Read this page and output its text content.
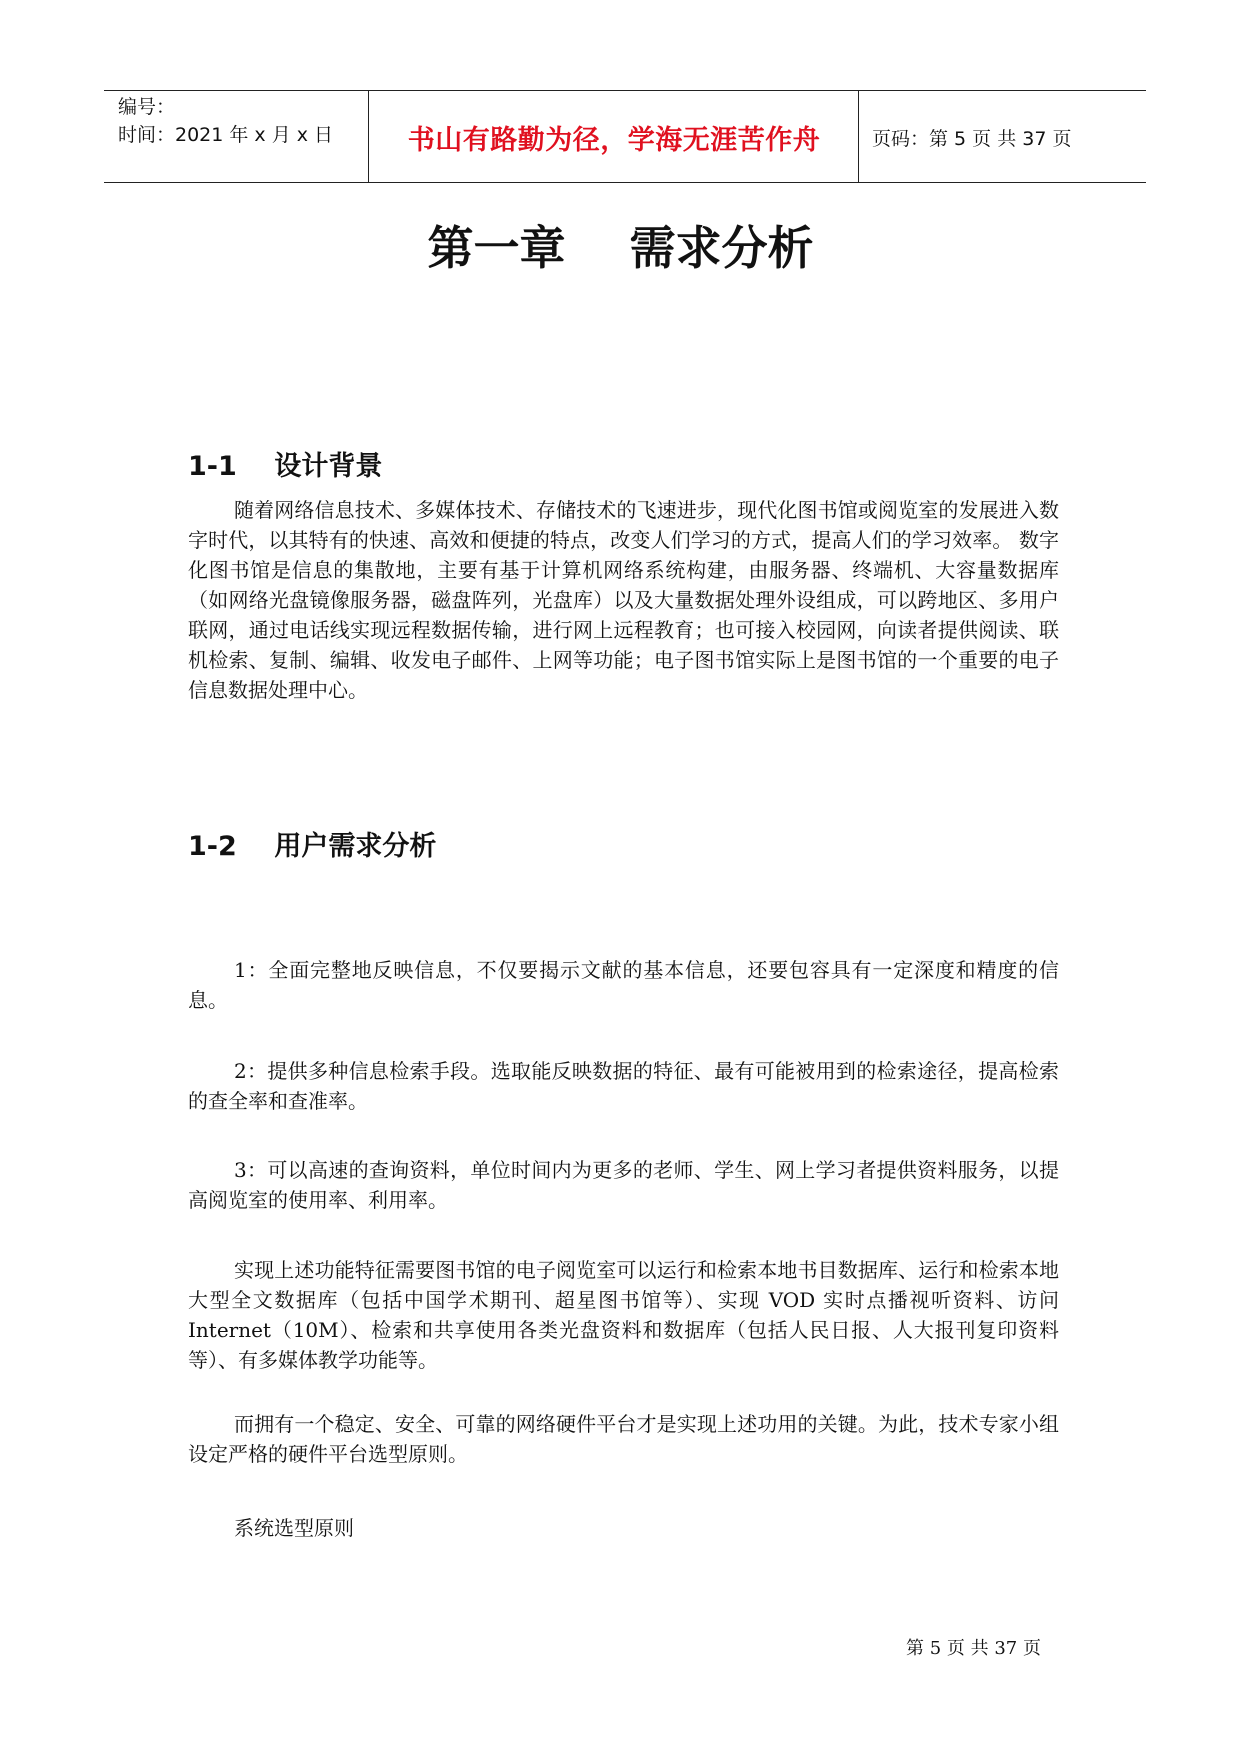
编号：
时间：2021 年 x 月 x 日	书山有路勤为径，学海无涯苦作舟	页码：第 5 页 共 37 页
第一章    需求分析
1-1    设计背景
随着网络信息技术、多媒体技术、存储技术的飞速进步，现代化图书馆或阅览室的发展进入数字时代，以其特有的快速、高效和便捷的特点，改变人们学习的方式，提高人们的学习效率。 数字化图书馆是信息的集散地，主要有基于计算机网络系统构建，由服务器、终端机、大容量数据库（如网络光盘镜像服务器，磁盘阵列，光盘库）以及大量数据处理外设组成，可以跨地区、多用户联网，通过电话线实现远程数据传输，进行网上远程教育；也可接入校园网，向读者提供阅读、联机检索、复制、编辑、收发电子邮件、上网等功能；电子图书馆实际上是图书馆的一个重要的电子信息数据处理中心。
1-2    用户需求分析
1：全面完整地反映信息，不仅要揭示文献的基本信息，还要包容具有一定深度和精度的信息。
2：提供多种信息检索手段。选取能反映数据的特征、最有可能被用到的检索途径，提高检索的查全率和查准率。
3：可以高速的查询资料，单位时间内为更多的老师、学生、网上学习者提供资料服务，以提高阅览室的使用率、利用率。
实现上述功能特征需要图书馆的电子阅览室可以运行和检索本地书目数据库、运行和检索本地大型全文数据库（包括中国学术期刊、超星图书馆等）、实现 VOD 实时点播视听资料、访问 Internet（10M）、检索和共享使用各类光盘资料和数据库（包括人民日报、人大报刊复印资料等）、有多媒体教学功能等。
而拥有一个稳定、安全、可靠的网络硬件平台才是实现上述功用的关键。为此，技术专家小组设定严格的硬件平台选型原则。
系统选型原则
第 5 页 共 37 页
